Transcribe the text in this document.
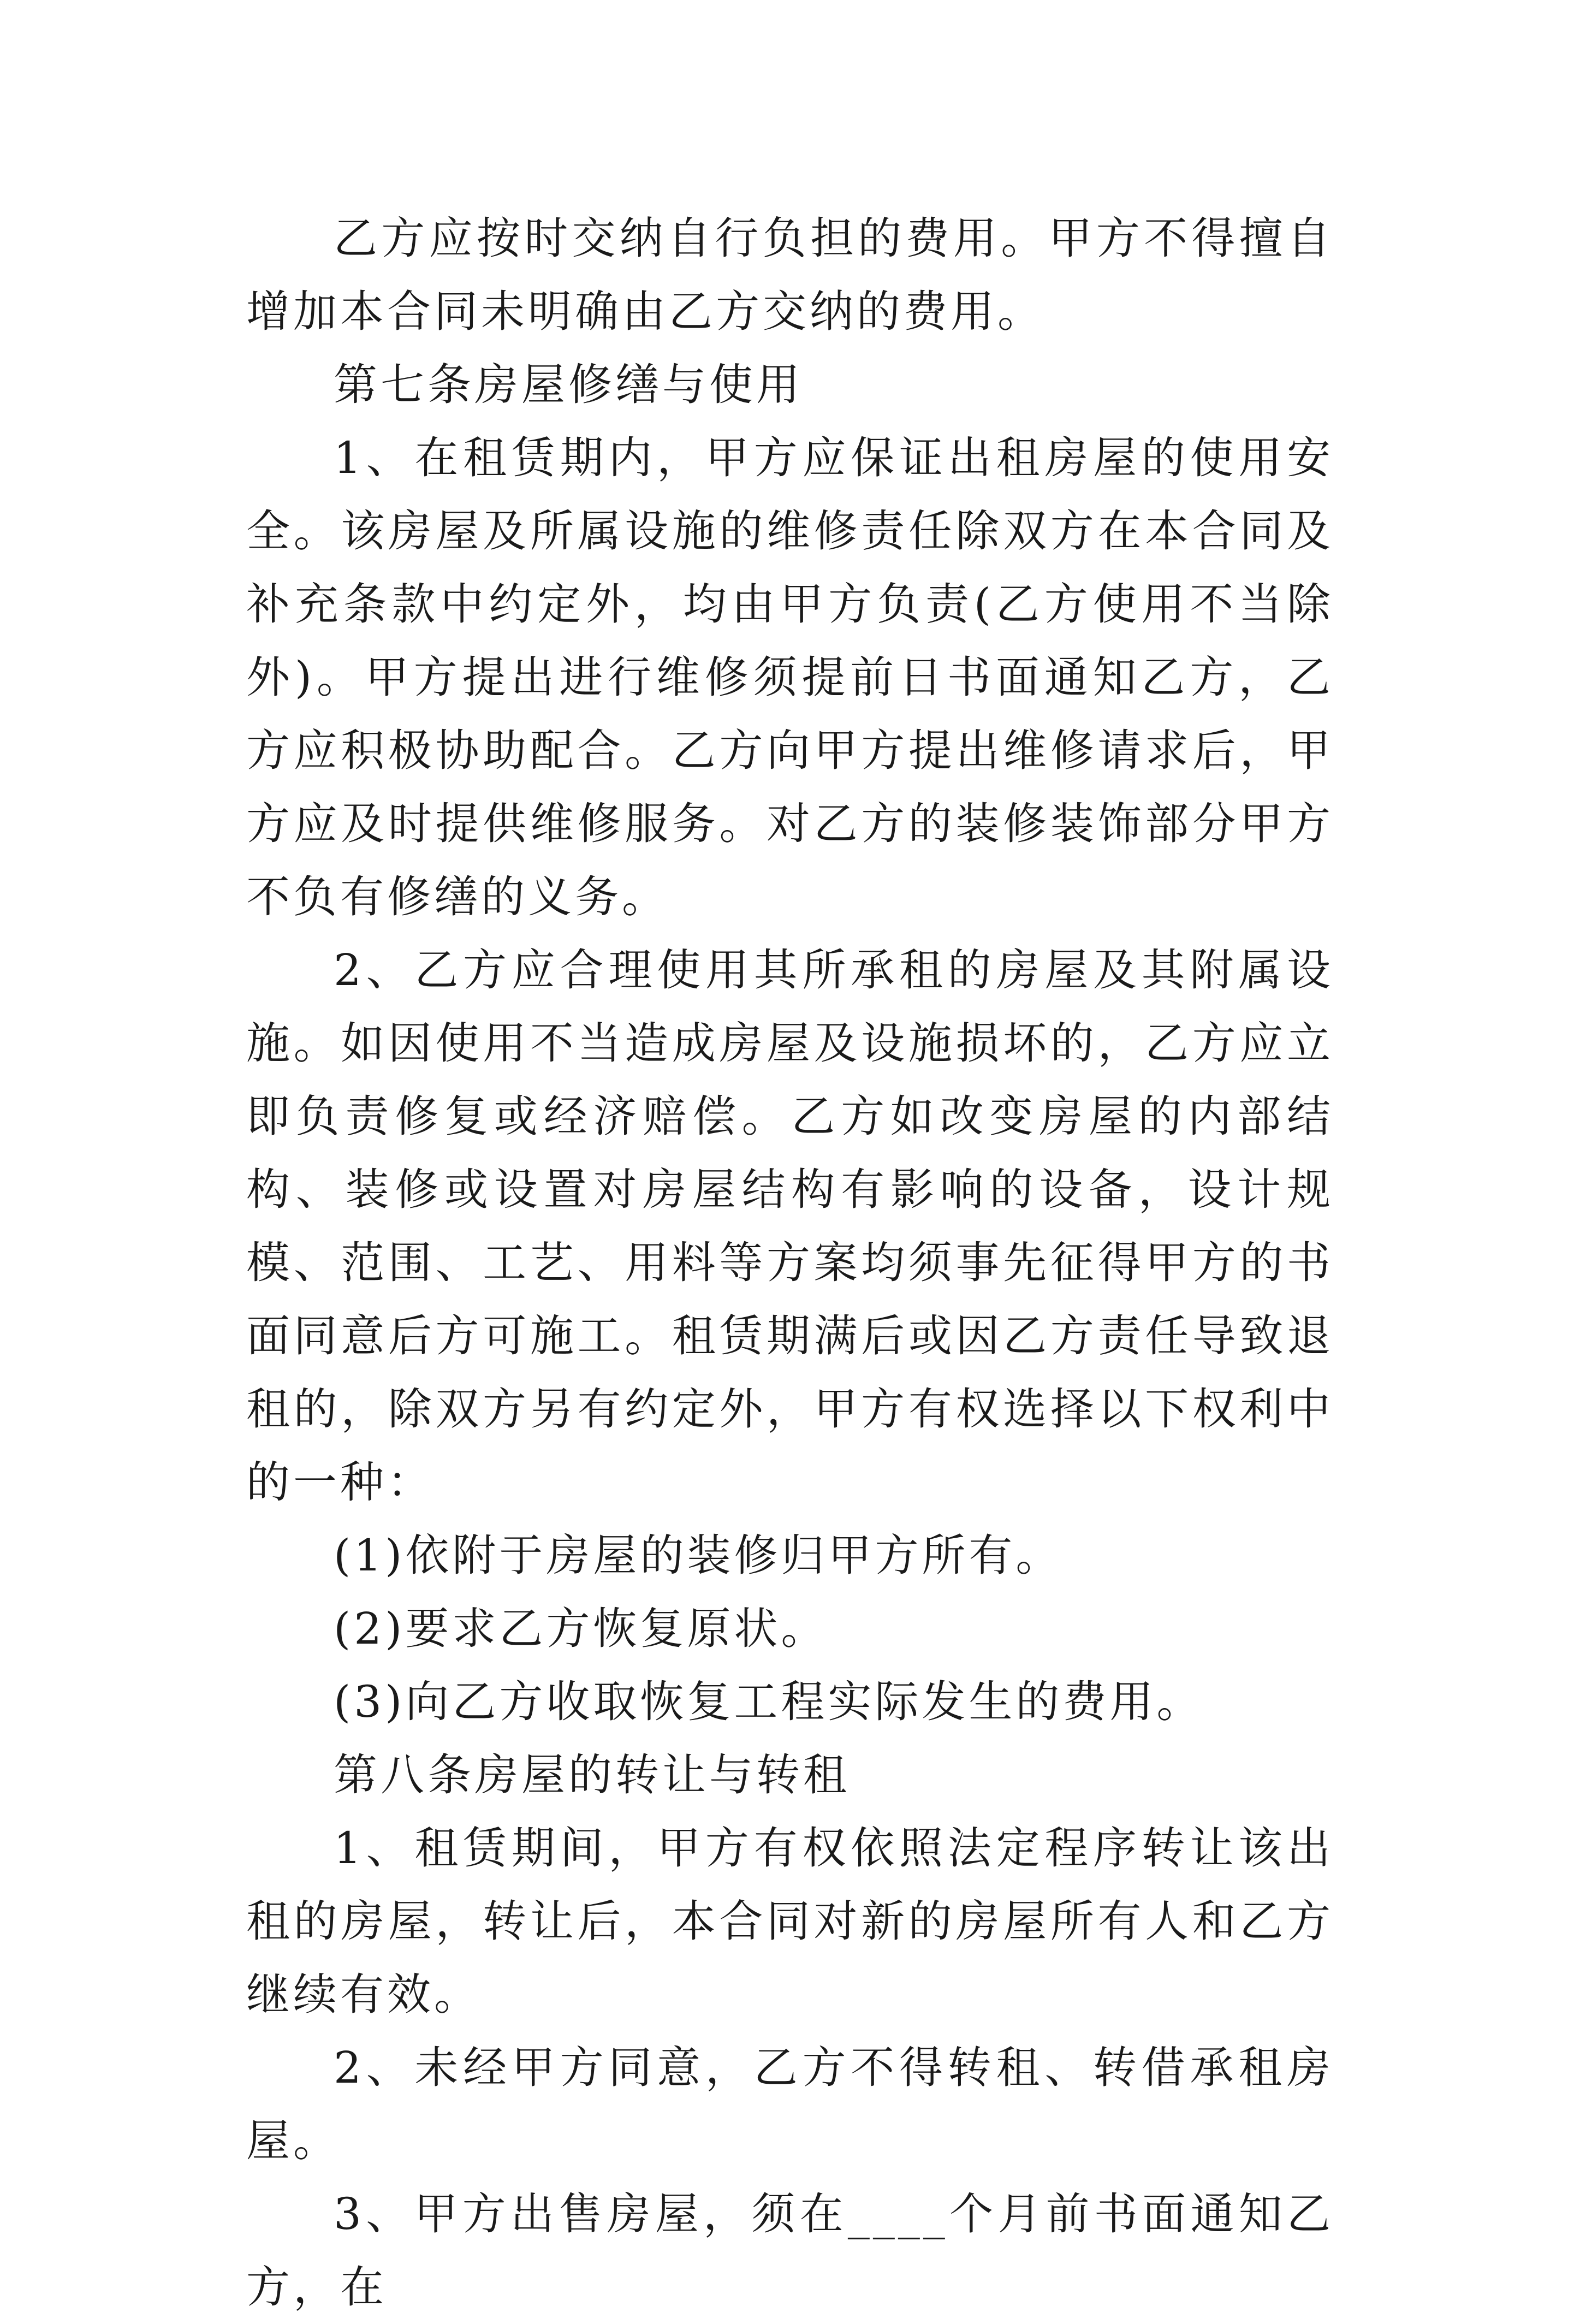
乙方应按时交纳自行负担的费用。甲方不得擅自增加本合同未明确由乙方交纳的费用。

第七条房屋修缮与使用

1、在租赁期内，甲方应保证出租房屋的使用安全。该房屋及所属设施的维修责任除双方在本合同及补充条款中约定外，均由甲方负责(乙方使用不当除外)。甲方提出进行维修须提前日书面通知乙方，乙方应积极协助配合。乙方向甲方提出维修请求后，甲方应及时提供维修服务。对乙方的装修装饰部分甲方不负有修缮的义务。

2、乙方应合理使用其所承租的房屋及其附属设施。如因使用不当造成房屋及设施损坏的，乙方应立即负责修复或经济赔偿。乙方如改变房屋的内部结构、装修或设置对房屋结构有影响的设备，设计规模、范围、工艺、用料等方案均须事先征得甲方的书面同意后方可施工。租赁期满后或因乙方责任导致退租的，除双方另有约定外，甲方有权选择以下权利中的一种：

(1)依附于房屋的装修归甲方所有。

(2)要求乙方恢复原状。

(3)向乙方收取恢复工程实际发生的费用。

第八条房屋的转让与转租

1、租赁期间，甲方有权依照法定程序转让该出租的房屋，转让后，本合同对新的房屋所有人和乙方继续有效。

2、未经甲方同意，乙方不得转租、转借承租房屋。

3、甲方出售房屋，须在____个月前书面通知乙方，在
